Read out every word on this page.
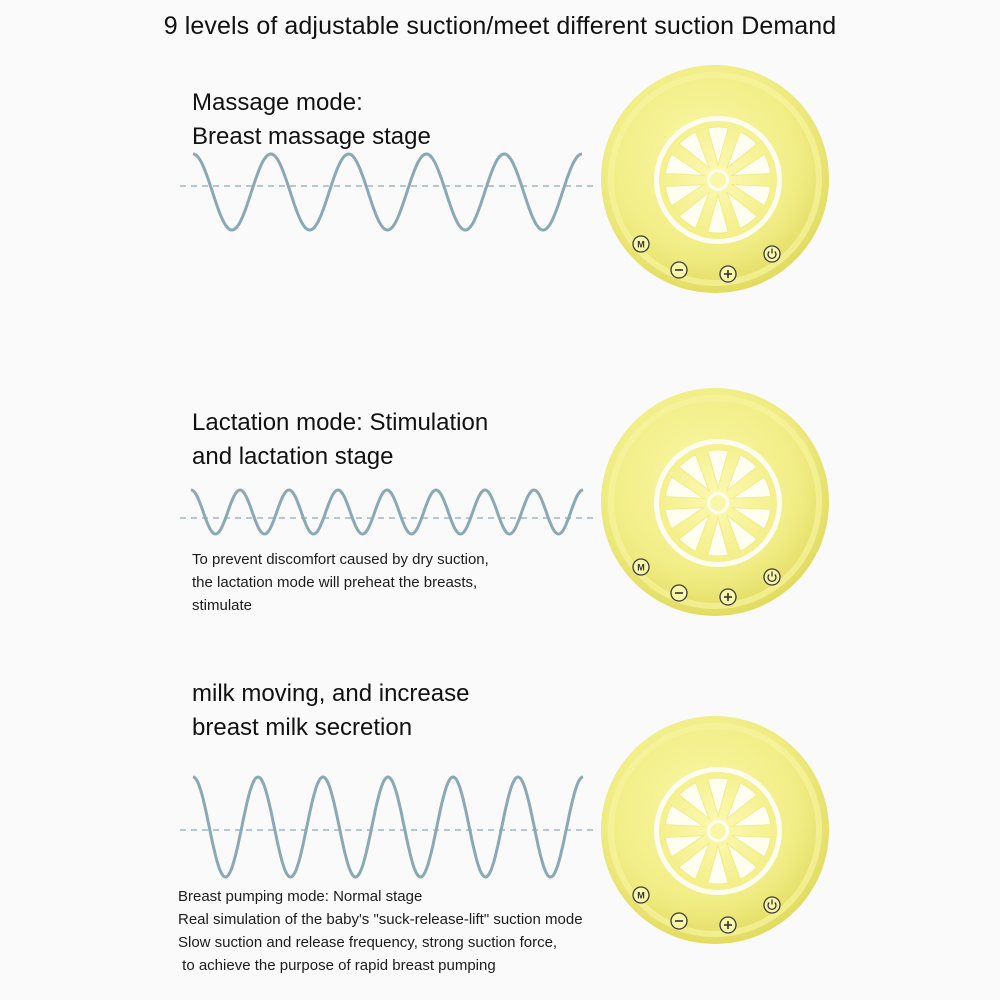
9 levels of adjustable suction/meet different suction Demand
Massage mode:
Breast massage stage
Lactation mode: Stimulation
and lactation stage
To prevent discomfort caused by dry suction,
the lactation mode will preheat the breasts,
stimulate
milk moving, and increase
breast milk secretion
Breast pumping mode: Normal stage
Real simulation of the baby's "suck-release-lift" suction mode
Slow suction and release frequency, strong suction force,
to achieve the purpose of rapid breast pumping
M
M
M
